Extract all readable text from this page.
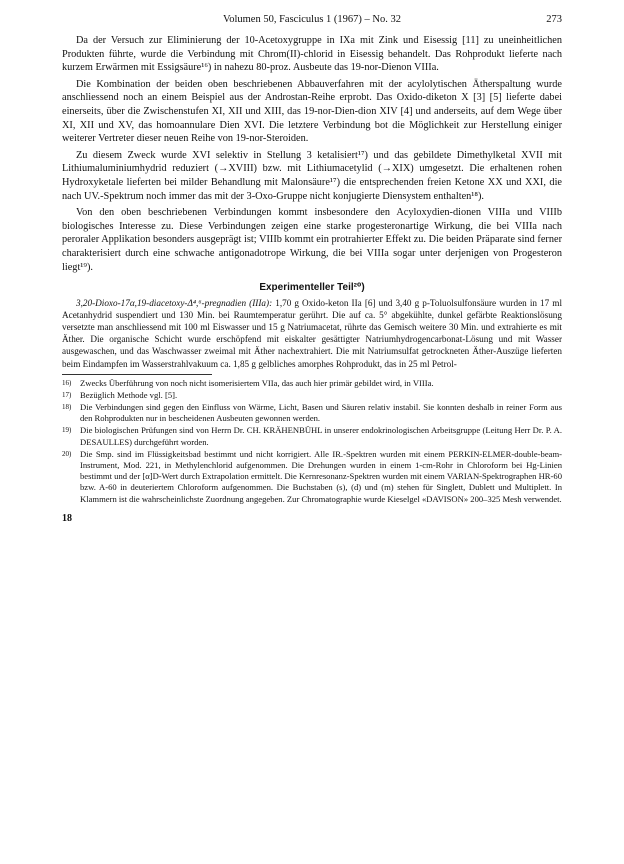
Volumen 50, Fasciculus 1 (1967) – No. 32	273

Da der Versuch zur Eliminierung der 10-Acetoxygruppe in IXa mit Zink und Eisessig [11] zu uneinheitlichen Produkten führte, wurde die Verbindung mit Chrom(II)-chlorid in Eisessig behandelt. Das Rohprodukt lieferte nach kurzem Erwärmen mit Essigsäure¹⁶) in nahezu 80-proz. Ausbeute das 19-nor-Dienon VIIIa.

Die Kombination der beiden oben beschriebenen Abbauverfahren mit der acylolytischen Ätherspaltung wurde anschliessend noch an einem Beispiel aus der Androstan-Reihe erprobt. Das Oxido-diketon X [3] [5] lieferte dabei einerseits, über die Zwischenstufen XI, XII und XIII, das 19-nor-Dien-dion XIV [4] und anderseits, auf dem Wege über XI, XII und XV, das homoannulare Dien XVI. Die letztere Verbindung bot die Möglichkeit zur Herstellung einiger weiterer Vertreter dieser neuen Reihe von 19-nor-Steroiden.

Zu diesem Zweck wurde XVI selektiv in Stellung 3 ketalisiert¹⁷) und das gebildete Dimethylketal XVII mit Lithiumaluminiumhydrid reduziert (→XVIII) bzw. mit Lithiumacetylid (→XIX) umgesetzt. Die erhaltenen rohen Hydroxyketale lieferten bei milder Behandlung mit Malonsäure¹⁷) die entsprechenden freien Ketone XX und XXI, die nach UV.-Spektrum noch immer das mit der 3-Oxo-Gruppe nicht konjugierte Diensystem enthalten¹⁸).

Von den oben beschriebenen Verbindungen kommt insbesondere den Acyloxydien-dionen VIIIa und VIIIb biologisches Interesse zu. Diese Verbindungen zeigen eine starke progesteronartige Wirkung, die bei VIIIa nach peroraler Applikation besonders ausgeprägt ist; VIIIb kommt ein protrahierter Effekt zu. Die beiden Präparate sind ferner charakterisiert durch eine schwache antigonadotrope Wirkung, die bei VIIIa sogar unter derjenigen von Progesteron liegt¹⁹).

Experimenteller Teil²⁰)

3,20-Dioxo-17α,19-diacetoxy-Δ⁴,⁶-pregnadien (IIIa): 1,70 g Oxido-keton IIa [6] und 3,40 g p-Toluolsulfonsäure wurden in 17 ml Acetanhydrid suspendiert und 130 Min. bei Raumtemperatur gerührt. Die auf ca. 5° abgekühlte, dunkel gefärbte Reaktionslösung versetzte man anschliessend mit 100 ml Eiswasser und 15 g Natriumacetat, rührte das Gemisch weitere 30 Min. und extrahierte es mit Äther. Die organische Schicht wurde erschöpfend mit eiskalter gesättigter Natriumhydrogencarbonat-Lösung und mit Wasser ausgewaschen, und das Waschwasser zweimal mit Äther nachextrahiert. Die mit Natriumsulfat getrockneten Äther-Auszüge lieferten beim Eindampfen im Wasserstrahlvakuum ca. 1,85 g gelbliches amorphes Rohprodukt, das in 25 ml Petrol-

16)	Zwecks Überführung von noch nicht isomerisiertem VIIa, das auch hier primär gebildet wird, in VIIIa.
17)	Bezüglich Methode vgl. [5].
18)	Die Verbindungen sind gegen den Einfluss von Wärme, Licht, Basen und Säuren relativ instabil. Sie konnten deshalb in reiner Form aus den Rohprodukten nur in bescheidenen Ausbeuten gewonnen werden.
19)	Die biologischen Prüfungen sind von Herrn Dr. CH. KRÄHENBÜHL in unserer endokrinologischen Arbeitsgruppe (Leitung Herr Dr. P. A. DESAULLES) durchgeführt worden.
20)	Die Smp. sind im Flüssigkeitsbad bestimmt und nicht korrigiert. Alle IR.-Spektren wurden mit einem PERKIN-ELMER-double-beam-Instrument, Mod. 221, in Methylenchlorid aufgenommen. Die Drehungen wurden in einem 1-cm-Rohr in Chloroform bei Hg-Linien bestimmt und der [α]D-Wert durch Extrapolation ermittelt. Die Kernresonanz-Spektren wurden mit einem VARIAN-Spektrographen HR-60 bzw. A-60 in deuteriertem Chloroform aufgenommen. Die Buchstaben (s), (d) und (m) stehen für Singlett, Dublett und Multiplett. In Klammern ist die wahrscheinlichste Zuordnung angegeben. Zur Chromatographie wurde Kieselgel «DAVISON» 200–325 Mesh verwendet.
18
